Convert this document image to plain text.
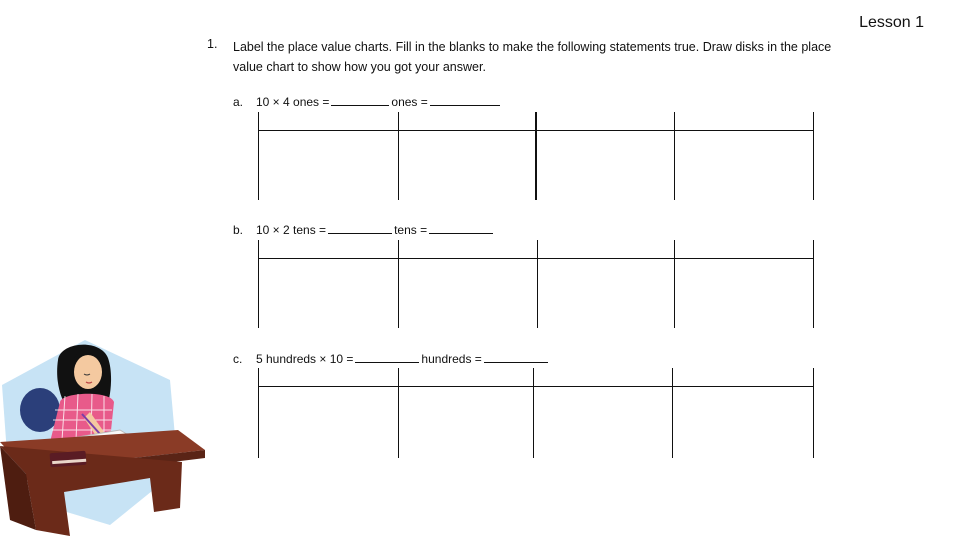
Lesson 1
1. Label the place value charts. Fill in the blanks to make the following statements true. Draw disks in the place value chart to show how you got your answer.
a. 10 × 4 ones =	ones =
b. 10 × 2 tens =	tens =
c. 5 hundreds × 10 =	hundreds =
